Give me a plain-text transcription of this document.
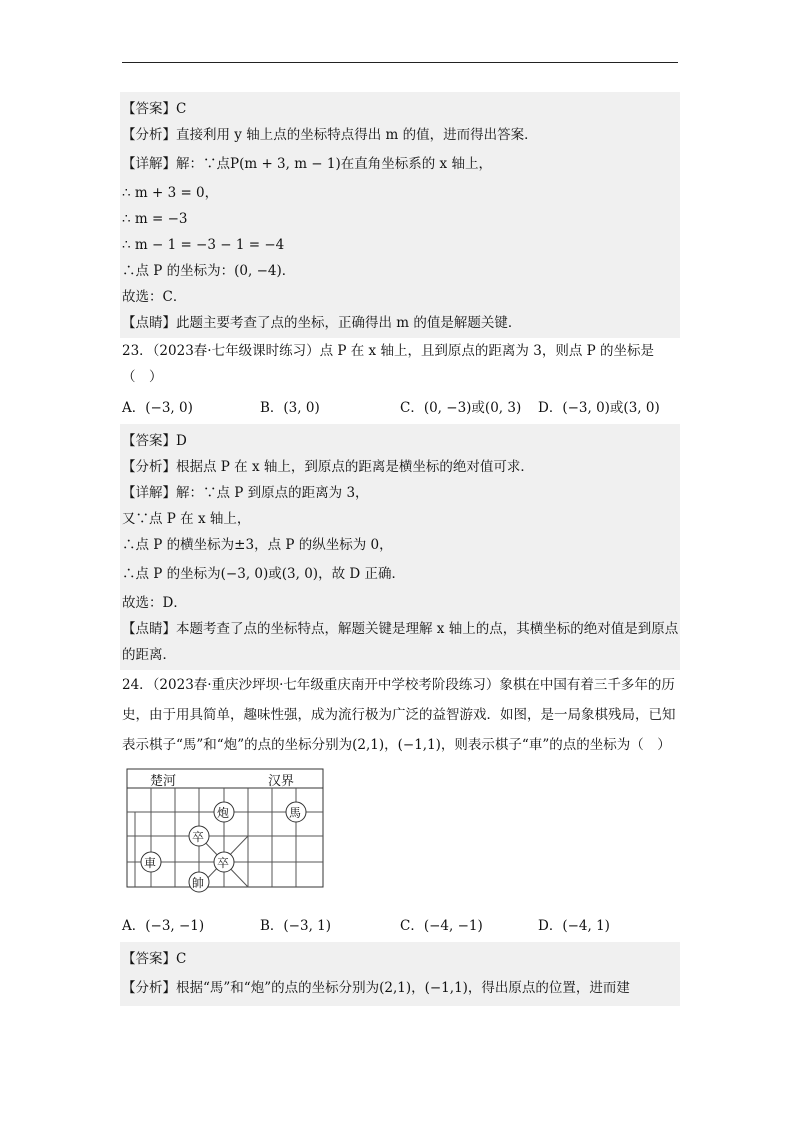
【答案】C
【分析】直接利用 y 轴上点的坐标特点得出 m 的值，进而得出答案．
【详解】解：∵点P(m + 3, m − 1)在直角坐标系的 x 轴上，
∴ m + 3 = 0，
∴ m = −3
∴ m − 1 = −3 − 1 = −4
∴点 P 的坐标为：(0, −4)．
故选：C．
【点睛】此题主要考查了点的坐标，正确得出 m 的值是解题关键．
23．（2023春·七年级课时练习）点 P 在 x 轴上，且到原点的距离为 3，则点 P 的坐标是（　）
A．(−3, 0)	B．(3, 0)	C．(0, −3)或(0, 3) D．(−3, 0)或(3, 0)
【答案】D
【分析】根据点 P 在 x 轴上，到原点的距离是横坐标的绝对值可求．
【详解】解：∵点 P 到原点的距离为 3，
又∵点 P 在 x 轴上，
∴点 P 的横坐标为±3，点 P 的纵坐标为 0，
∴点 P 的坐标为(−3, 0)或(3, 0)，故 D 正确．
故选：D．
【点睛】本题考查了点的坐标特点，解题关键是理解 x 轴上的点，其横坐标的绝对值是到原点的距离．
24．（2023春·重庆沙坪坝·七年级重庆南开中学校考阶段练习）象棋在中国有着三千多年的历史，由于用具简单，趣味性强，成为流行极为广泛的益智游戏．如图，是一局象棋残局，已知表示棋子“馬”和“炮”的点的坐标分别为(2,1)，(−1,1)，则表示棋子“車”的点的坐标为（　）
楚河	汉界
炮	馬
卒
卒
車
帥
A．(−3, −1)	B．(−3, 1)	C．(−4, −1)	D．(−4, 1)
【答案】C
【分析】根据“馬”和“炮”的点的坐标分别为(2,1)，(−1,1)，得出原点的位置，进而建
